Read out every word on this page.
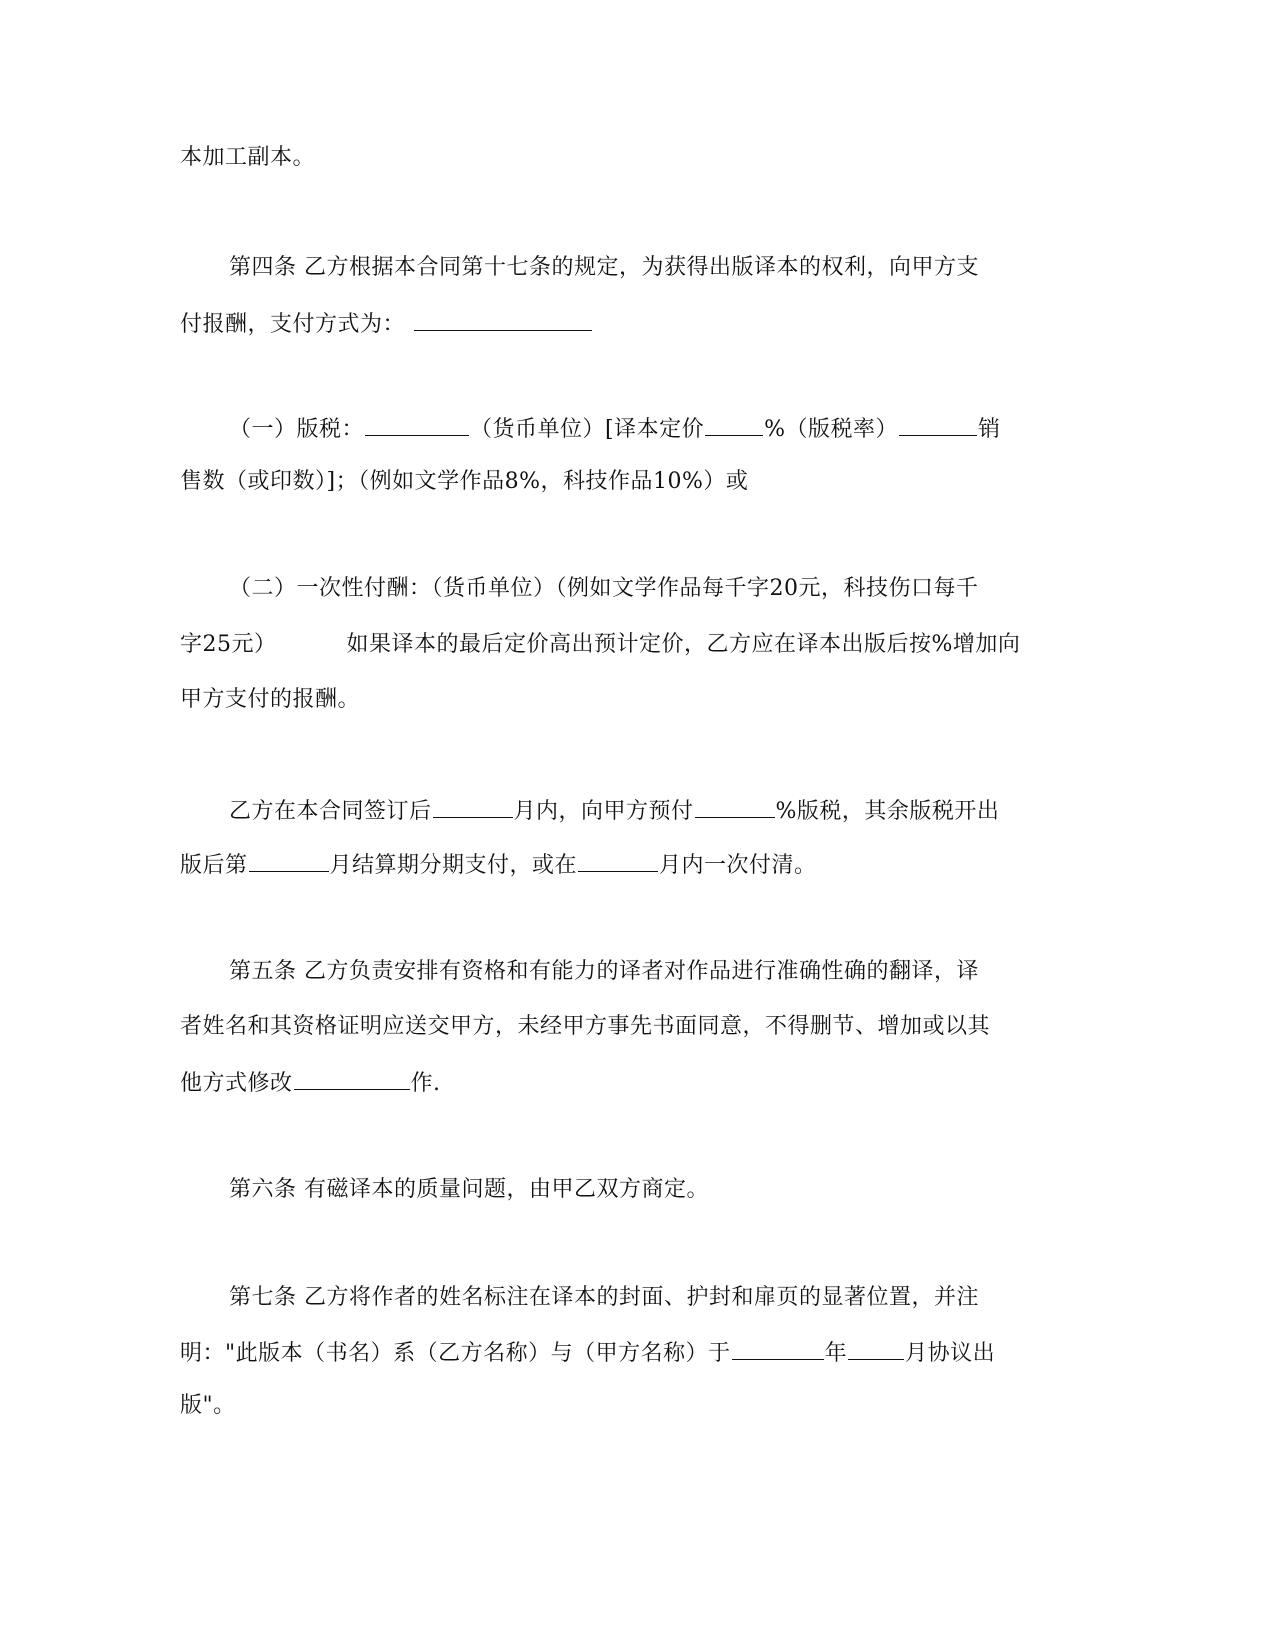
本加工副本。
第四条 乙方根据本合同第十七条的规定，为获得出版译本的权利，向甲方支
付报酬，支付方式为：
（一）版税：	（货币单位）[译本定价	%（版税率）	销
售数（或印数）]；（例如文学作品8%，科技作品10%）或
（二）一次性付酬：（货币单位）（例如文学作品每千字20元，科技伤口每千
字25元）	如果译本的最后定价高出预计定价，乙方应在译本出版后按%增加向
甲方支付的报酬。
乙方在本合同签订后	月内，向甲方预付	%版税，其余版税开出
版后第	月结算期分期支付，或在	月内一次付清。
第五条 乙方负责安排有资格和有能力的译者对作品进行准确性确的翻译，译
者姓名和其资格证明应送交甲方，未经甲方事先书面同意，不得删节、增加或以其
他方式修改	作.
第六条 有磁译本的质量问题，由甲乙双方商定。
第七条 乙方将作者的姓名标注在译本的封面、护封和扉页的显著位置，并注
明："此版本（书名）系（乙方名称）与（甲方名称）于	年	月协议出
版"。
